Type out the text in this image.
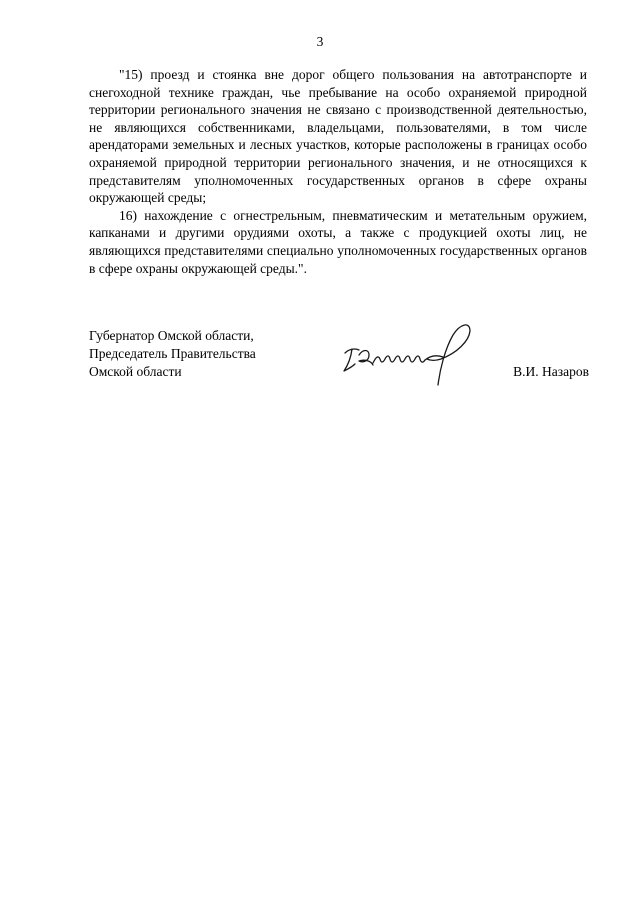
3

"15) проезд и стоянка вне дорог общего пользования на автотранспорте и снегоходной технике граждан, чье пребывание на особо охраняемой природной территории регионального значения не связано с производственной деятельностью, не являющихся собственниками, владельцами, пользователями, в том числе арендаторами земельных и лесных участков, которые расположены в границах особо охраняемой природной территории регионального значения, и не относящихся к представителям уполномоченных государственных органов в сфере охраны окружающей среды;

16) нахождение с огнестрельным, пневматическим и метательным оружием, капканами и другими орудиями охоты, а также с продукцией охоты лиц, не являющихся представителями специально уполномоченных государственных органов в сфере охраны окружающей среды.".

Губернатор Омской области,
Председатель Правительства
Омской области	В.И. Назаров
